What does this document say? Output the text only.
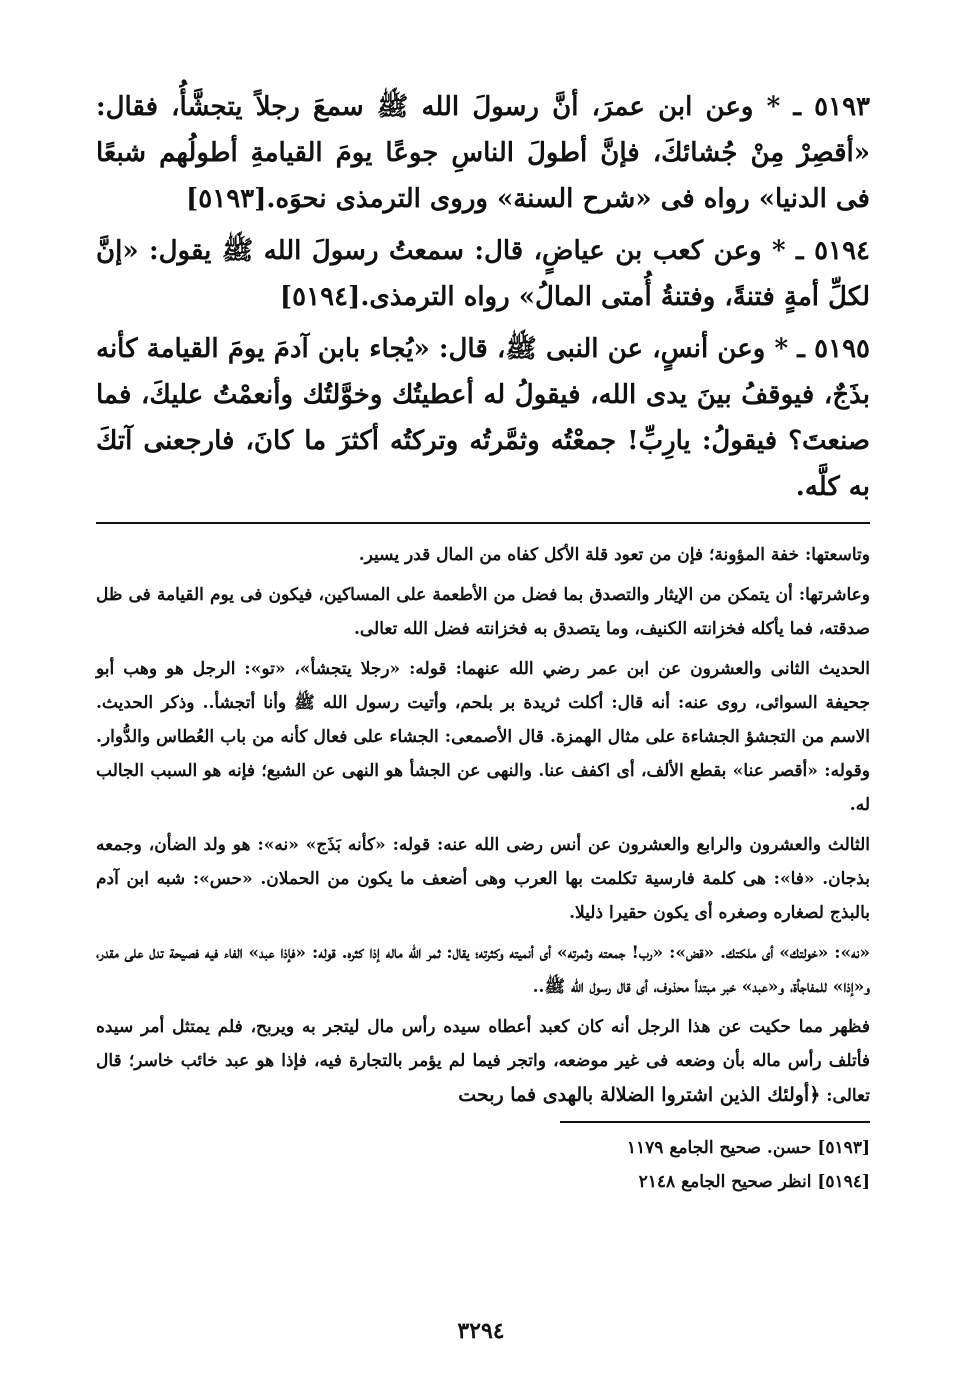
٥١٩٣ ـ * وعن ابن عمرَ، أنَّ رسولَ الله ﷺ سمعَ رجلاً يتجشَّأُ، فقال: «أقصِرْ مِنْ جُشائكَ، فإنَّ أطولَ الناسِ جوعًا يومَ القيامةِ أطولُهم شبعًا فى الدنيا» رواه فى «شرح السنة» وروى الترمذى نحوَه.[٥١٩٣]

٥١٩٤ ـ * وعن كعب بن عياضٍ، قال: سمعتُ رسولَ الله ﷺ يقول: «إنَّ لكلِّ أمةٍ فتنةً، وفتنةُ أُمتى المالُ» رواه الترمذى.[٥١٩٤]

٥١٩٥ ـ * وعن أنسٍ، عن النبى ﷺ، قال: «يُجاء بابن آدمَ يومَ القيامة كأنه بذَجٌ، فيوقفُ بينَ يدى الله، فيقولُ له أعطيتُك وخوَّلتُك وأنعمْتُ عليكَ، فما صنعتَ؟ فيقولُ: يارِبِّ! جمعْتُه وثمَّرتُه وتركتُه أكثرَ ما كانَ، فارجعنى آتكَ به كلَّه.

وتاسعتها: خفة المؤونة؛ فإن من تعود قلة الأكل كفاه من المال قدر يسير.

وعاشرتها: أن يتمكن من الإيثار والتصدق بما فضل من الأطعمة على المساكين، فيكون فى يوم القيامة فى ظل صدقته، فما يأكله فخزانته الكنيف، وما يتصدق به فخزانته فضل الله تعالى.

الحديث الثانى والعشرون عن ابن عمر رضي الله عنهما: قوله: «رجلا يتجشأ»، «تو»: الرجل هو وهب أبو جحيفة السوائى، روى عنه: أنه قال: أكلت ثريدة بر بلحم، وأتيت رسول الله ﷺ وأنا أتجشأ.. وذكر الحديث. الاسم من التجشؤ الجشاءة على مثال الهمزة. قال الأصمعى: الجشاء على فعال كأنه من باب العُطاس والدُّوار. وقوله: «أقصر عنا» بقطع الألف، أى اكفف عنا. والنهى عن الجشأ هو النهى عن الشبع؛ فإنه هو السبب الجالب له.

الثالث والعشرون والرابع والعشرون عن أنس رضى الله عنه: قوله: «كأنه بَذَج» «نه»: هو ولد الضأن، وجمعه بذجان. «فا»: هى كلمة فارسية تكلمت بها العرب وهى أضعف ما يكون من الحملان. «حس»: شبه ابن آدم بالبذج لصغاره وصغره أى يكون حقيرا ذليلا.

«نه»: «خولتك» أى ملكتك. «قض»: «رب! جمعته وثمرته» أى أنميته وكثرته؛ يقال: ثمر الله ماله إذا كثره. قوله: «فإذا عبد» الفاء فيه فصيحة تدل على مقدر، و«إذا» للمفاجأة، و«عبد» خبر مبتدأ محذوف، أى قال رسول الله ﷺ..

فظهر مما حكيت عن هذا الرجل أنه كان كعبد أعطاه سيده رأس مال ليتجر به ويربح، فلم يمتثل أمر سيده فأتلف رأس ماله بأن وضعه فى غير موضعه، واتجر فيما لم يؤمر بالتجارة فيه، فإذا هو عبد خائب خاسر؛ قال تعالى: ﴿أولئك الذين اشتروا الضلالة بالهدى فما ربحت

[٥١٩٣] حسن. صحيح الجامع ١١٧٩
[٥١٩٤] انظر صحيح الجامع ٢١٤٨
٣٢٩٤
